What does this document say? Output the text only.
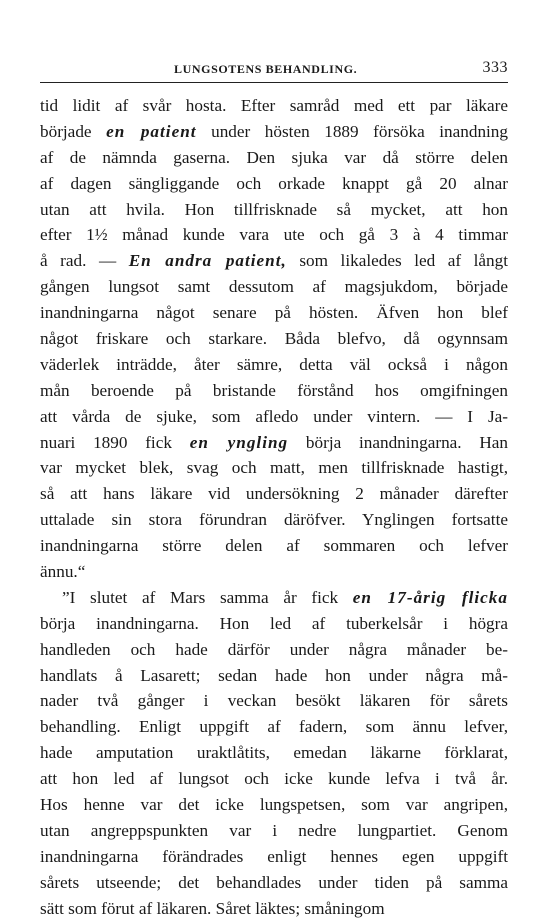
LUNGSOTENS BEHANDLING.	333
tid lidit af svår hosta. Efter samråd med ett par läkare
började en patient under hösten 1889 försöka inandning
af de nämnda gaserna. Den sjuka var då större delen
af dagen sängliggande och orkade knappt gå 20 alnar
utan att hvila. Hon tillfrisknade så mycket, att hon
efter 1½ månad kunde vara ute och gå 3 à 4 timmar
å rad. — En andra patient, som likaledes led af långt
gången lungsot samt dessutom af magsjukdom, började
inandningarna något senare på hösten. Äfven hon blef
något friskare och starkare. Båda blefvo, då ogynnsam
väderlek inträdde, åter sämre, detta väl också i någon
mån beroende på bristande förstånd hos omgifningen
att vårda de sjuke, som afledo under vintern. — I Ja-
nuari 1890 fick en yngling börja inandningarna. Han
var mycket blek, svag och matt, men tillfrisknade hastigt,
så att hans läkare vid undersökning 2 månader därefter
uttalade sin stora förundran däröfver. Ynglingen fortsatte
inandningarna större delen af sommaren och lefver
ännu.“
”I slutet af Mars samma år fick en 17-årig flicka
börja inandningarna. Hon led af tuberkelsår i högra
handleden och hade därför under några månader be-
handlats å Lasarett; sedan hade hon under några må-
nader två gånger i veckan besökt läkaren för sårets
behandling. Enligt uppgift af fadern, som ännu lefver,
hade amputation uraktlåtits, emedan läkarne förklarat,
att hon led af lungsot och icke kunde lefva i två år.
Hos henne var det icke lungspetsen, som var angripen,
utan angreppspunkten var i nedre lungpartiet. Genom
inandningarna förändrades enligt hennes egen uppgift
sårets utseende; det behandlades under tiden på samma
sätt som förut af läkaren. Såret läktes; småningom
